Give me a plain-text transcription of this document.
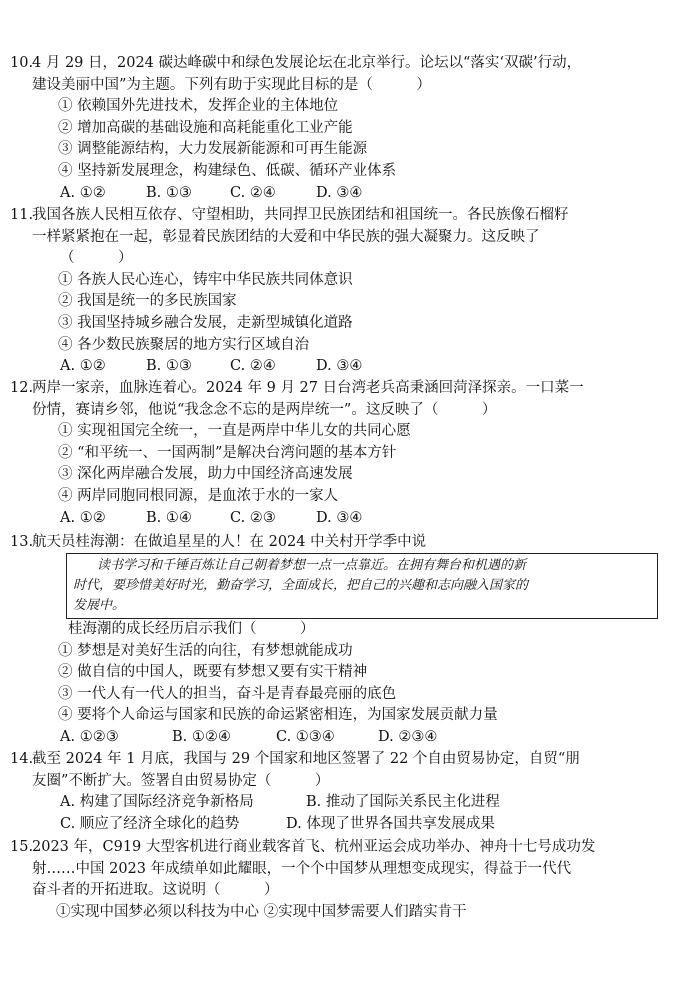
10.
4 月 29 日，2024 碳达峰碳中和绿色发展论坛在北京举行。论坛以“落实‘双碳’行动，
建设美丽中国”为主题。下列有助于实现此目标的是（　　　）
① 依赖国外先进技术，发挥企业的主体地位
② 增加高碳的基础设施和高耗能重化工业产能
③ 调整能源结构，大力发展新能源和可再生能源
④ 坚持新发展理念，构建绿色、低碳、循环产业体系
A. ①②	B. ①③	C. ②④	D. ③④
11.
我国各族人民相互依存、守望相助，共同捍卫民族团结和祖国统一。各民族像石榴籽
一样紧紧抱在一起，彰显着民族团结的大爱和中华民族的强大凝聚力。这反映了
（　　　）
① 各族人民心连心，铸牢中华民族共同体意识
② 我国是统一的多民族国家
③ 我国坚持城乡融合发展，走新型城镇化道路
④ 各少数民族聚居的地方实行区域自治
A. ①②	B. ①③	C. ②④	D. ③④
12.
两岸一家亲，血脉连着心。2024 年 9 月 27 日台湾老兵高秉涵回菏泽探亲。一口菜一
份情，赛请乡邻，他说“我念念不忘的是两岸统一”。这反映了（　　　）
① 实现祖国完全统一，一直是两岸中华儿女的共同心愿
② “和平统一、一国两制”是解决台湾问题的基本方针
③ 深化两岸融合发展，助力中国经济高速发展
④ 两岸同胞同根同源，是血浓于水的一家人
A. ①②	B. ①④	C. ②③	D. ③④
13.
航天员桂海潮：在做追星星的人！在 2024 中关村开学季中说
读书学习和千锤百炼让自己朝着梦想一点一点靠近。在拥有舞台和机遇的新
时代，要珍惜美好时光，勤奋学习，全面成长，把自己的兴趣和志向融入国家的
发展中。
桂海潮的成长经历启示我们（　　　）
① 梦想是对美好生活的向往，有梦想就能成功
② 做自信的中国人，既要有梦想又要有实干精神
③ 一代人有一代人的担当，奋斗是青春最亮丽的底色
④ 要将个人命运与国家和民族的命运紧密相连，为国家发展贡献力量
A. ①②③	B. ①②④	C. ①③④	D. ②③④
14.
截至 2024 年 1 月底，我国与 29 个国家和地区签署了 22 个自由贸易协定，自贸“朋
友圈”不断扩大。签署自由贸易协定（　　　）
A. 构建了国际经济竞争新格局	B. 推动了国际关系民主化进程
C. 顺应了经济全球化的趋势	D. 体现了世界各国共享发展成果
15.
2023 年，C919 大型客机进行商业载客首飞、杭州亚运会成功举办、神舟十七号成功发
射……中国 2023 年成绩单如此耀眼，一个个中国梦从理想变成现实，得益于一代代
奋斗者的开拓进取。这说明（　　　）
①实现中国梦必须以科技为中心 ②实现中国梦需要人们踏实肯干
